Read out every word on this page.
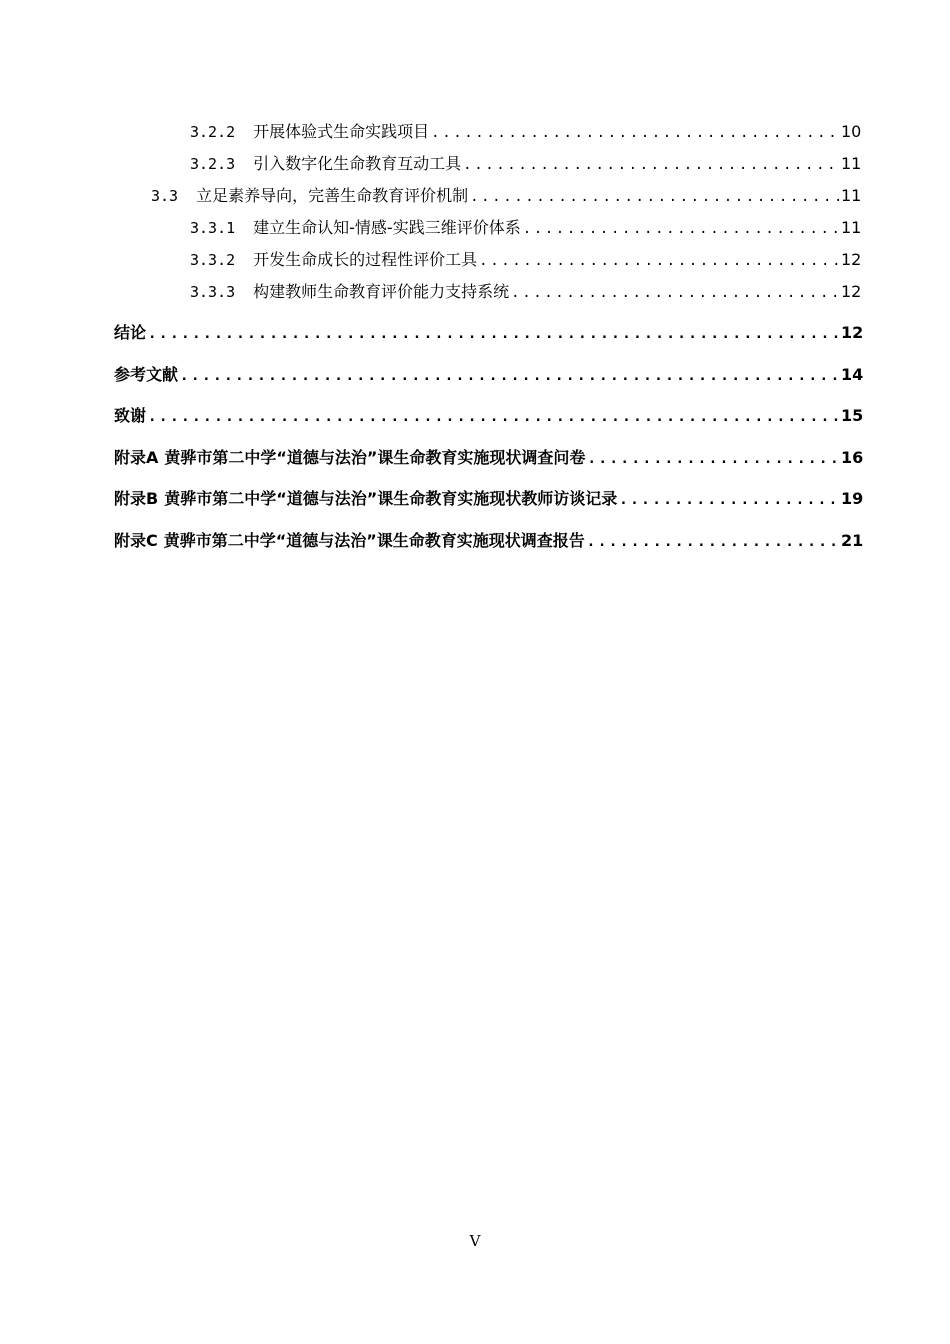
3.2.2 开展体验式生命实践项目 .....	10
3.2.3 引入数字化生命教育互动工具 .....	11
3.3 立足素养导向，完善生命教育评价机制 .....	11
3.3.1 建立生命认知-情感-实践三维评价体系 .....	11
3.3.2 开发生命成长的过程性评价工具 .....	12
3.3.3 构建教师生命教育评价能力支持系统 .....	12
结论 .....	12
参考文献 .....	14
致谢 .....	15
附录A 黄骅市第二中学“道德与法治”课生命教育实施现状调查问卷 .....	16
附录B 黄骅市第二中学“道德与法治”课生命教育实施现状教师访谈记录 .....	19
附录C 黄骅市第二中学“道德与法治”课生命教育实施现状调查报告 .....	21
V
